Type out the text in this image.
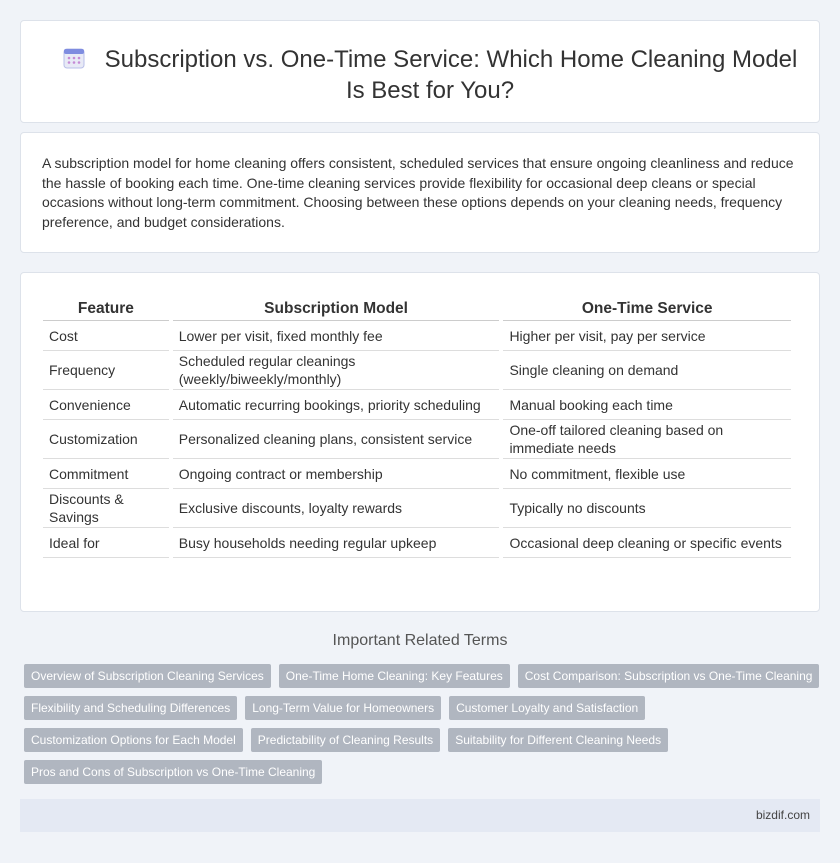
Subscription vs. One-Time Service: Which Home Cleaning Model Is Best for You?
A subscription model for home cleaning offers consistent, scheduled services that ensure ongoing cleanliness and reduce the hassle of booking each time. One-time cleaning services provide flexibility for occasional deep cleans or special occasions without long-term commitment. Choosing between these options depends on your cleaning needs, frequency preference, and budget considerations.
Feature	Subscription Model	One-Time Service
Cost	Lower per visit, fixed monthly fee	Higher per visit, pay per service
Frequency	Scheduled regular cleanings (weekly/biweekly/monthly)	Single cleaning on demand
Convenience	Automatic recurring bookings, priority scheduling	Manual booking each time
Customization	Personalized cleaning plans, consistent service	One-off tailored cleaning based on immediate needs
Commitment	Ongoing contract or membership	No commitment, flexible use
Discounts & Savings	Exclusive discounts, loyalty rewards	Typically no discounts
Ideal for	Busy households needing regular upkeep	Occasional deep cleaning or specific events
Important Related Terms
Overview of Subscription Cleaning Services	One-Time Home Cleaning: Key Features	Cost Comparison: Subscription vs One-Time Cleaning
Flexibility and Scheduling Differences	Long-Term Value for Homeowners	Customer Loyalty and Satisfaction
Customization Options for Each Model	Predictability of Cleaning Results	Suitability for Different Cleaning Needs
Pros and Cons of Subscription vs One-Time Cleaning
bizdif.com
